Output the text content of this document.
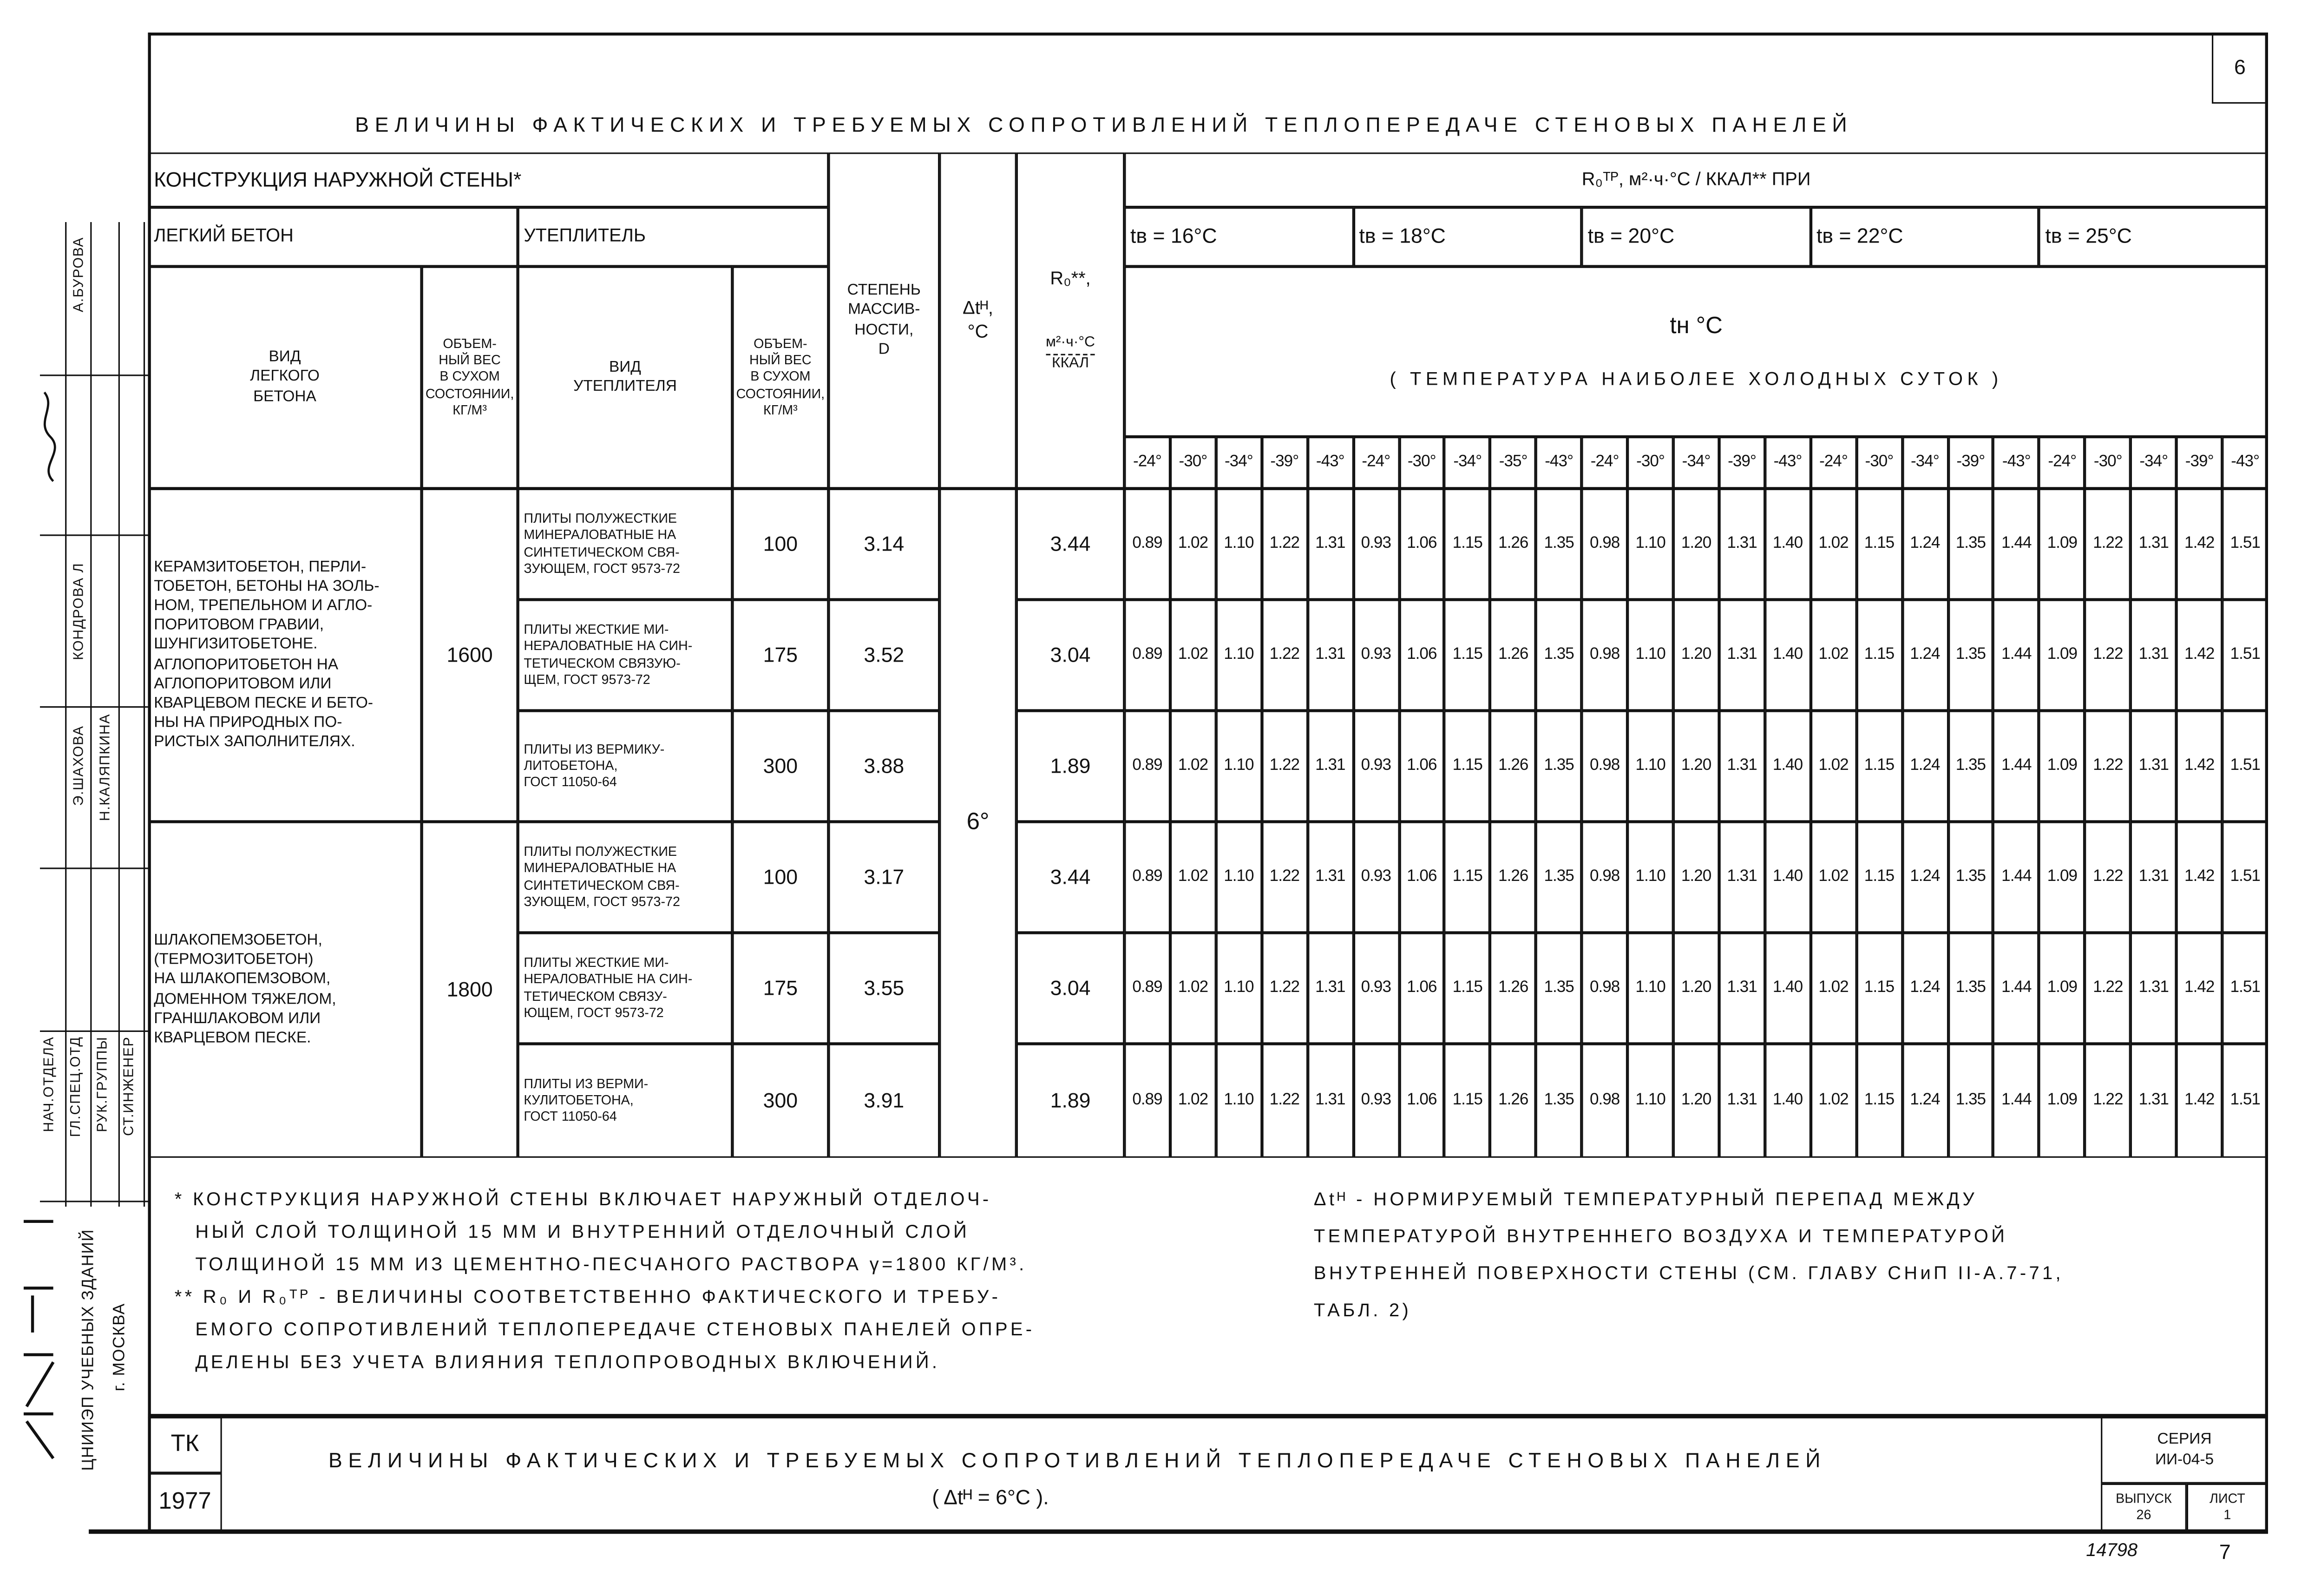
6
ВЕЛИЧИНЫ ФАКТИЧЕСКИХ И ТРЕБУЕМЫХ СОПРОТИВЛЕНИЙ ТЕПЛОПЕРЕДАЧЕ СТЕНОВЫХ ПАНЕЛЕЙ
КОНСТРУКЦИЯ НАРУЖНОЙ СТЕНЫ*
ЛЕГКИЙ БЕТОН	УТЕПЛИТЕЛЬ
ВИД
ЛЕГКОГО
БЕТОНА
ОБЪЕМ-
НЫЙ ВЕС
В СУХОМ
СОСТОЯНИИ,
КГ/М³
ВИД
УТЕПЛИТЕЛЯ
ОБЪЕМ-
НЫЙ ВЕС
В СУХОМ
СОСТОЯНИИ,
КГ/М³
СТЕПЕНЬ
МАССИВ-
НОСТИ,
D
Δtᴴ,
°C
R₀**,
м²·ч·°C
ККАЛ
R₀ᵀᴾ, м²·ч·°C / ККАЛ** ПРИ
tв = 16°C	tв = 18°C	tв = 20°C	tв = 22°C	tв = 25°C
tн °C
( ТЕМПЕРАТУРА НАИБОЛЕЕ ХОЛОДНЫХ СУТОК )
-24°	-30°	-34°	-39°	-43°	-24°	-30°	-34°	-35°	-43°	-24°	-30°	-34°	-39°	-43°	-24°	-30°	-34°	-39°	-43°	-24°	-30°	-34°	-39°	-43°
КЕРАМЗИТОБЕТОН, ПЕРЛИ-
ТОБЕТОН, БЕТОНЫ НА ЗОЛЬ-
НОМ, ТРЕПЕЛЬНОМ И АГЛО-
ПОРИТОВОМ ГРАВИИ,
ШУНГИЗИТОБЕТОНЕ.
АГЛОПОРИТОБЕТОН НА
АГЛОПОРИТОВОМ ИЛИ
КВАРЦЕВОМ ПЕСКЕ И БЕТО-
НЫ НА ПРИРОДНЫХ ПО-
РИСТЫХ ЗАПОЛНИТЕЛЯХ.
1600
ШЛАКОПЕМЗОБЕТОН,
(ТЕРМОЗИТОБЕТОН)
НА ШЛАКОПЕМЗОВОМ,
ДОМЕННОМ ТЯЖЕЛОМ,
ГРАНШЛАКОВОМ ИЛИ
КВАРЦЕВОМ ПЕСКЕ.
1800
6°
ПЛИТЫ ПОЛУЖЕСТКИЕ
МИНЕРАЛОВАТНЫЕ НА
СИНТЕТИЧЕСКОМ СВЯ-
ЗУЮЩЕМ, ГОСТ 9573-72
100	3.14	3.44	0.89	1.02	1.10	1.22	1.31	0.93	1.06	1.15	1.26	1.35	0.98	1.10	1.20	1.31	1.40	1.02	1.15	1.24	1.35	1.44	1.09	1.22	1.31	1.42	1.51
ПЛИТЫ ЖЕСТКИЕ МИ-
НЕРАЛОВАТНЫЕ НА СИН-
ТЕТИЧЕСКОМ СВЯЗУЮ-
ЩЕМ, ГОСТ 9573-72
175	3.52	3.04	0.89	1.02	1.10	1.22	1.31	0.93	1.06	1.15	1.26	1.35	0.98	1.10	1.20	1.31	1.40	1.02	1.15	1.24	1.35	1.44	1.09	1.22	1.31	1.42	1.51
ПЛИТЫ ИЗ ВЕРМИКУ-
ЛИТОБЕТОНА,
ГОСТ 11050-64
300	3.88	1.89	0.89	1.02	1.10	1.22	1.31	0.93	1.06	1.15	1.26	1.35	0.98	1.10	1.20	1.31	1.40	1.02	1.15	1.24	1.35	1.44	1.09	1.22	1.31	1.42	1.51
ПЛИТЫ ПОЛУЖЕСТКИЕ
МИНЕРАЛОВАТНЫЕ НА
СИНТЕТИЧЕСКОМ СВЯ-
ЗУЮЩЕМ, ГОСТ 9573-72
100	3.17	3.44	0.89	1.02	1.10	1.22	1.31	0.93	1.06	1.15	1.26	1.35	0.98	1.10	1.20	1.31	1.40	1.02	1.15	1.24	1.35	1.44	1.09	1.22	1.31	1.42	1.51
ПЛИТЫ ЖЕСТКИЕ МИ-
НЕРАЛОВАТНЫЕ НА СИН-
ТЕТИЧЕСКОМ СВЯЗУ-
ЮЩЕМ, ГОСТ 9573-72
175	3.55	3.04	0.89	1.02	1.10	1.22	1.31	0.93	1.06	1.15	1.26	1.35	0.98	1.10	1.20	1.31	1.40	1.02	1.15	1.24	1.35	1.44	1.09	1.22	1.31	1.42	1.51
ПЛИТЫ ИЗ ВЕРМИ-
КУЛИТОБЕТОНА,
ГОСТ 11050-64
300	3.91	1.89	0.89	1.02	1.10	1.22	1.31	0.93	1.06	1.15	1.26	1.35	0.98	1.10	1.20	1.31	1.40	1.02	1.15	1.24	1.35	1.44	1.09	1.22	1.31	1.42	1.51
* КОНСТРУКЦИЯ НАРУЖНОЙ СТЕНЫ ВКЛЮЧАЕТ НАРУЖНЫЙ ОТДЕЛОЧ-
НЫЙ СЛОЙ ТОЛЩИНОЙ 15 ММ И ВНУТРЕННИЙ ОТДЕЛОЧНЫЙ СЛОЙ
ТОЛЩИНОЙ 15 ММ ИЗ ЦЕМЕНТНО-ПЕСЧАНОГО РАСТВОРА γ=1800 КГ/М³.
** R₀ И R₀ᵀᴾ - ВЕЛИЧИНЫ СООТВЕТСТВЕННО ФАКТИЧЕСКОГО И ТРЕБУ-
ЕМОГО СОПРОТИВЛЕНИЙ ТЕПЛОПЕРЕДАЧЕ СТЕНОВЫХ ПАНЕЛЕЙ ОПРЕ-
ДЕЛЕНЫ БЕЗ УЧЕТА ВЛИЯНИЯ ТЕПЛОПРОВОДНЫХ ВКЛЮЧЕНИЙ.
Δtᴴ - НОРМИРУЕМЫЙ ТЕМПЕРАТУРНЫЙ ПЕРЕПАД МЕЖДУ
ТЕМПЕРАТУРОЙ ВНУТРЕННЕГО ВОЗДУХА И ТЕМПЕРАТУРОЙ
ВНУТРЕННЕЙ ПОВЕРХНОСТИ СТЕНЫ (СМ. ГЛАВУ СНиП II-А.7-71,
ТАБЛ. 2)
ТК
1977
ВЕЛИЧИНЫ ФАКТИЧЕСКИХ И ТРЕБУЕМЫХ СОПРОТИВЛЕНИЙ ТЕПЛОПЕРЕДАЧЕ СТЕНОВЫХ ПАНЕЛЕЙ
( Δtᴴ = 6°C ).
СЕРИЯ
ИИ-04-5
ВЫПУСК
26
ЛИСТ
1
14798	7
НАЧ.ОТДЕЛА ГЛ.СПЕЦ.ОТД РУК.ГРУППЫ СТ.ИНЖЕНЕР
А.БУРОВА
КОНДРОВА Л
Э.ШАХОВА Н.КАЛЯПКИНА
ЦНИИЭП УЧЕБНЫХ ЗДАНИЙ	г. МОСКВА
